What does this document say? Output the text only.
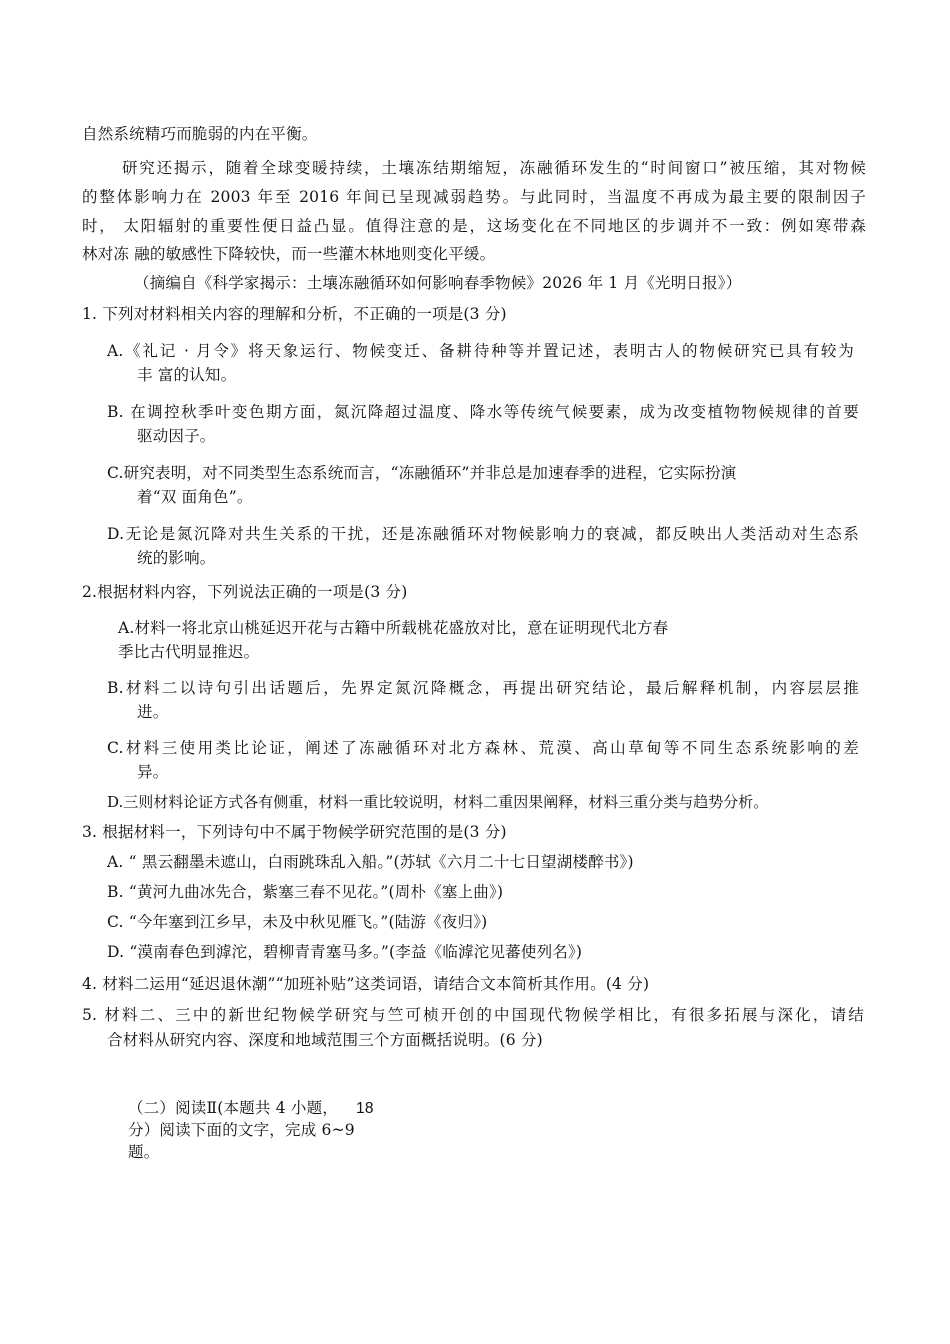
自然系统精巧而脆弱的内在平衡。
研究还揭示，随着全球变暖持续，土壤冻结期缩短，冻融循环发生的“时间窗口”被压缩，其对物候
的整体影响力在 2003 年至 2016 年间已呈现减弱趋势。与此同时，当温度不再成为最主要的限制因子
时， 太阳辐射的重要性便日益凸显。值得注意的是，这场变化在不同地区的步调并不一致：例如寒带森
林对冻 融的敏感性下降较快，而一些灌木林地则变化平缓。
（摘编自《科学家揭示：土壤冻融循环如何影响春季物候》2026 年 1 月《光明日报》）
1. 下列对材料相关内容的理解和分析，不正确的一项是(3 分)
A.《礼记 · 月令》将天象运行、物候变迁、备耕待种等并置记述，表明古人的物候研究已具有较为
丰 富的认知。
B. 在调控秋季叶变色期方面，氮沉降超过温度、降水等传统气候要素，成为改变植物物候规律的首要
驱动因子。
C.研究表明，对不同类型生态系统而言，“冻融循环”并非总是加速春季的进程，它实际扮演
着“双 面角色”。
D.无论是氮沉降对共生关系的干扰，还是冻融循环对物候影响力的衰减，都反映出人类活动对生态系
统的影响。
2.根据材料内容，下列说法正确的一项是(3 分)
A.材料一将北京山桃延迟开花与古籍中所载桃花盛放对比，意在证明现代北方春
季比古代明显推迟。
B.材料二以诗句引出话题后，先界定氮沉降概念，再提出研究结论，最后解释机制，内容层层推
进。
C.材料三使用类比论证，阐述了冻融循环对北方森林、荒漠、高山草甸等不同生态系统影响的差
异。
D.三则材料论证方式各有侧重，材料一重比较说明，材料二重因果阐释，材料三重分类与趋势分析。
3. 根据材料一，下列诗句中不属于物候学研究范围的是(3 分)
A. “ 黑云翻墨未遮山，白雨跳珠乱入船。”(苏轼《六月二十七日望湖楼醉书》)
B. “黄河九曲冰先合，紫塞三春不见花。”(周朴《塞上曲》)
C. “今年塞到江乡早，未及中秋见雁飞。”(陆游《夜归》)
D. “漠南春色到滹沱，碧柳青青塞马多。”(李益《临滹沱见蕃使列名》)
4. 材料二运用“延迟退休潮”“加班补贴”这类词语，请结合文本简析其作用。(4 分)
5. 材料二、三中的新世纪物候学研究与竺可桢开创的中国现代物候学相比，有很多拓展与深化，请结
合材料从研究内容、深度和地域范围三个方面概括说明。(6 分)
（二）阅读Ⅱ(本题共 4 小题， 18
分）阅读下面的文字，完成 6~9
题。
